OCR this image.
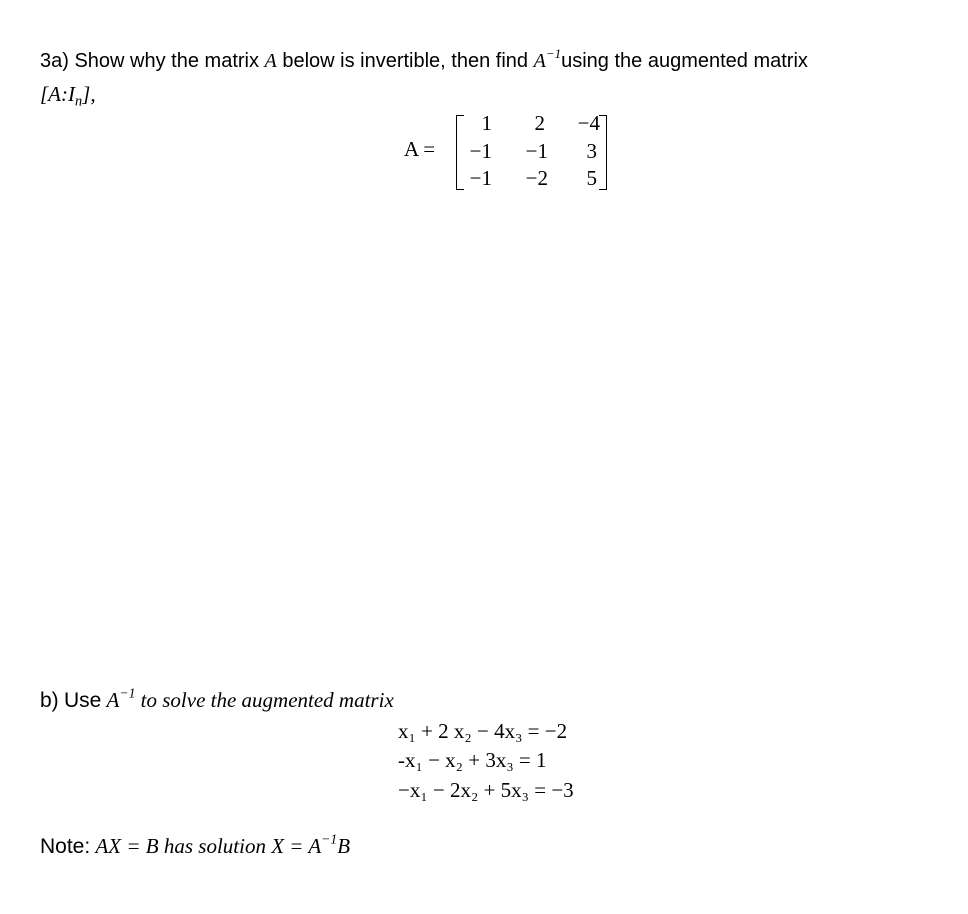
3a) Show why the matrix A below is invertible, then find $A^{-1}using$ the augmented matrix
$[A:I_n]$,
A =
1	2	−4
−1	−1	3
−1	−2	5
b) Use $A^{-1}$ to solve the augmented matrix
x₁ + 2 x₂ − 4x₃ = −2
-x₁ − x₂ + 3x₃ = 1
−x₁ − 2x₂ + 5x₃ = −3
Note: AX = B has solution $X = A^{-1}B$
